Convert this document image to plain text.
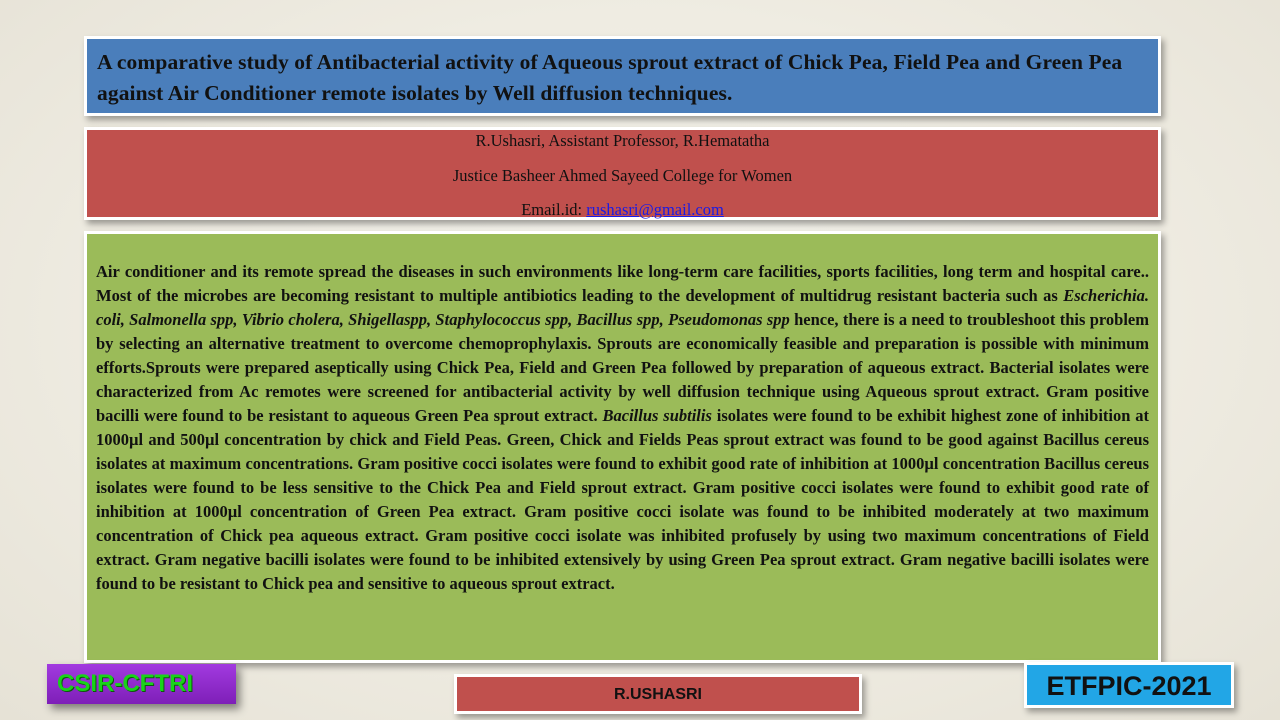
A comparative study of Antibacterial activity of Aqueous sprout extract of Chick Pea, Field Pea and Green Pea against Air Conditioner remote isolates by Well diffusion techniques.
R.Ushasri, Assistant Professor, R.Hematatha
Justice Basheer Ahmed Sayeed College for Women
Email.id: rushasri@gmail.com

Air conditioner and its remote spread the diseases in such environments like long-term care facilities, sports facilities, long term and hospital care.. Most of the microbes are becoming resistant to multiple antibiotics leading to the development of multidrug resistant bacteria such as Escherichia. coli, Salmonella spp, Vibrio cholera, Shigellaspp, Staphylococcus spp, Bacillus spp, Pseudomonas spp hence, there is a need to troubleshoot this problem by selecting an alternative treatment to overcome chemoprophylaxis. Sprouts are economically feasible and preparation is possible with minimum efforts.Sprouts were prepared aseptically using Chick Pea, Field and Green Pea followed by preparation of aqueous extract. Bacterial isolates were characterized from Ac remotes were screened for antibacterial activity by well diffusion technique using Aqueous sprout extract. Gram positive bacilli were found to be resistant to aqueous Green Pea sprout extract. Bacillus subtilis isolates were found to be exhibit highest zone of inhibition at 1000µl and 500µl concentration by chick and Field Peas. Green, Chick and Fields Peas sprout extract was found to be good against Bacillus cereus isolates at maximum concentrations. Gram positive cocci isolates were found to exhibit good rate of inhibition at 1000µl concentration Bacillus cereus isolates were found to be less sensitive to the Chick Pea and Field sprout extract. Gram positive cocci isolates were found to exhibit good rate of inhibition at 1000µl concentration of Green Pea extract. Gram positive cocci isolate was found to be inhibited moderately at two maximum concentration of Chick pea aqueous extract. Gram positive cocci isolate was inhibited profusely by using two maximum concentrations of Field extract. Gram negative bacilli isolates were found to be inhibited extensively by using Green Pea sprout extract. Gram negative bacilli isolates were found to be resistant to Chick pea and sensitive to aqueous sprout extract.

CSIR-CFTRI	R.USHASRI	ETFPIC-2021
